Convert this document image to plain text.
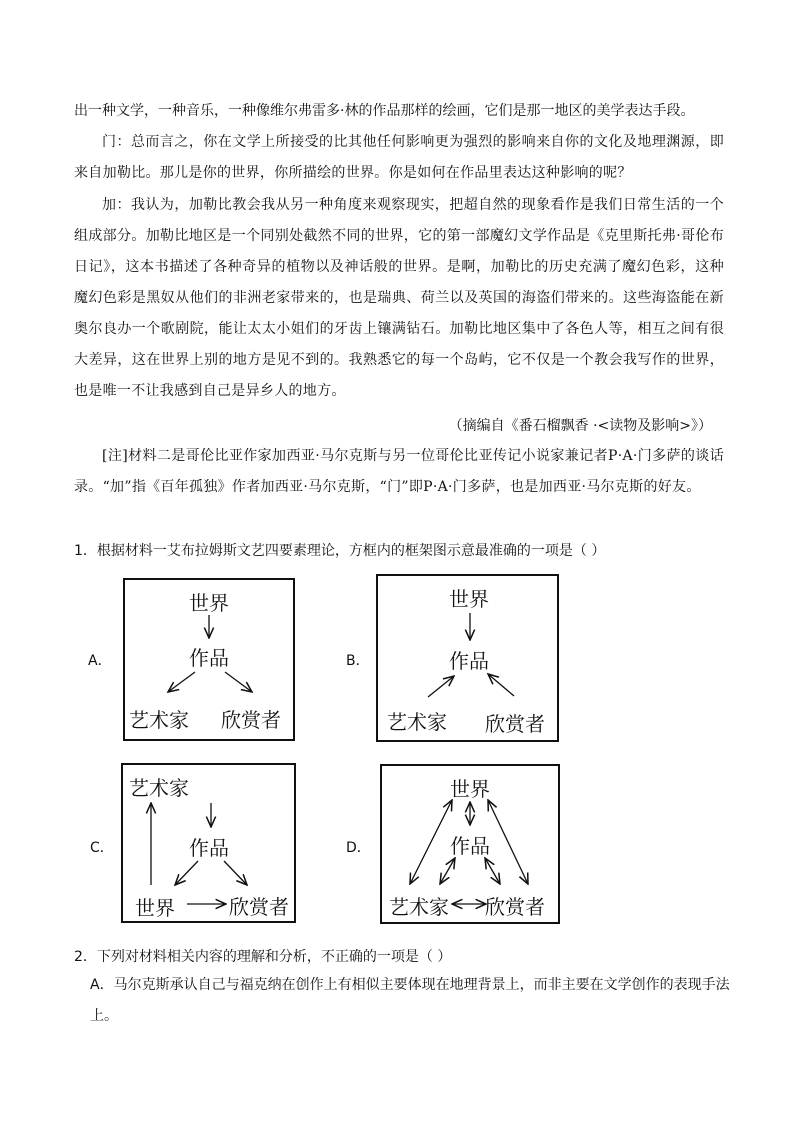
出一种文学，一种音乐，一种像维尔弗雷多·林的作品那样的绘画，它们是那一地区的美学表达手段。
门：总而言之，你在文学上所接受的比其他任何影响更为强烈的影响来自你的文化及地理渊源，即来自加勒比。那儿是你的世界，你所描绘的世界。你是如何在作品里表达这种影响的呢？
加：我认为，加勒比教会我从另一种角度来观察现实，把超自然的现象看作是我们日常生活的一个组成部分。加勒比地区是一个同别处截然不同的世界，它的第一部魔幻文学作品是《克里斯托弗·哥伦布日记》，这本书描述了各种奇异的植物以及神话般的世界。是啊，加勒比的历史充满了魔幻色彩，这种魔幻色彩是黑奴从他们的非洲老家带来的，也是瑞典、荷兰以及英国的海盗们带来的。这些海盗能在新奥尔良办一个歌剧院，能让太太小姐们的牙齿上镶满钻石。加勒比地区集中了各色人等，相互之间有很大差异，这在世界上别的地方是见不到的。我熟悉它的每一个岛屿，它不仅是一个教会我写作的世界，也是唯一不让我感到自己是异乡人的地方。
（摘编自《番石榴飘香 ·<读物及影响>》）
[注]材料二是哥伦比亚作家加西亚·马尔克斯与另一位哥伦比亚传记小说家兼记者P·A·门多萨的谈话录。“加”指《百年孤独》作者加西亚·马尔克斯，“门”即P·A·门多萨，也是加西亚·马尔克斯的好友。
1．根据材料一艾布拉姆斯文艺四要素理论，方框内的框架图示意最准确的一项是（ ）
A．
世界
作品
艺术家 欣赏者
B．
世界
作品
艺术家 欣赏者
C．
艺术家
作品
世界	欣赏者
D．
世界
作品
艺术家 欣赏者
2．下列对材料相关内容的理解和分析，不正确的一项是（ ）
A．马尔克斯承认自己与福克纳在创作上有相似主要体现在地理背景上，而非主要在文学创作的表现手法上。
